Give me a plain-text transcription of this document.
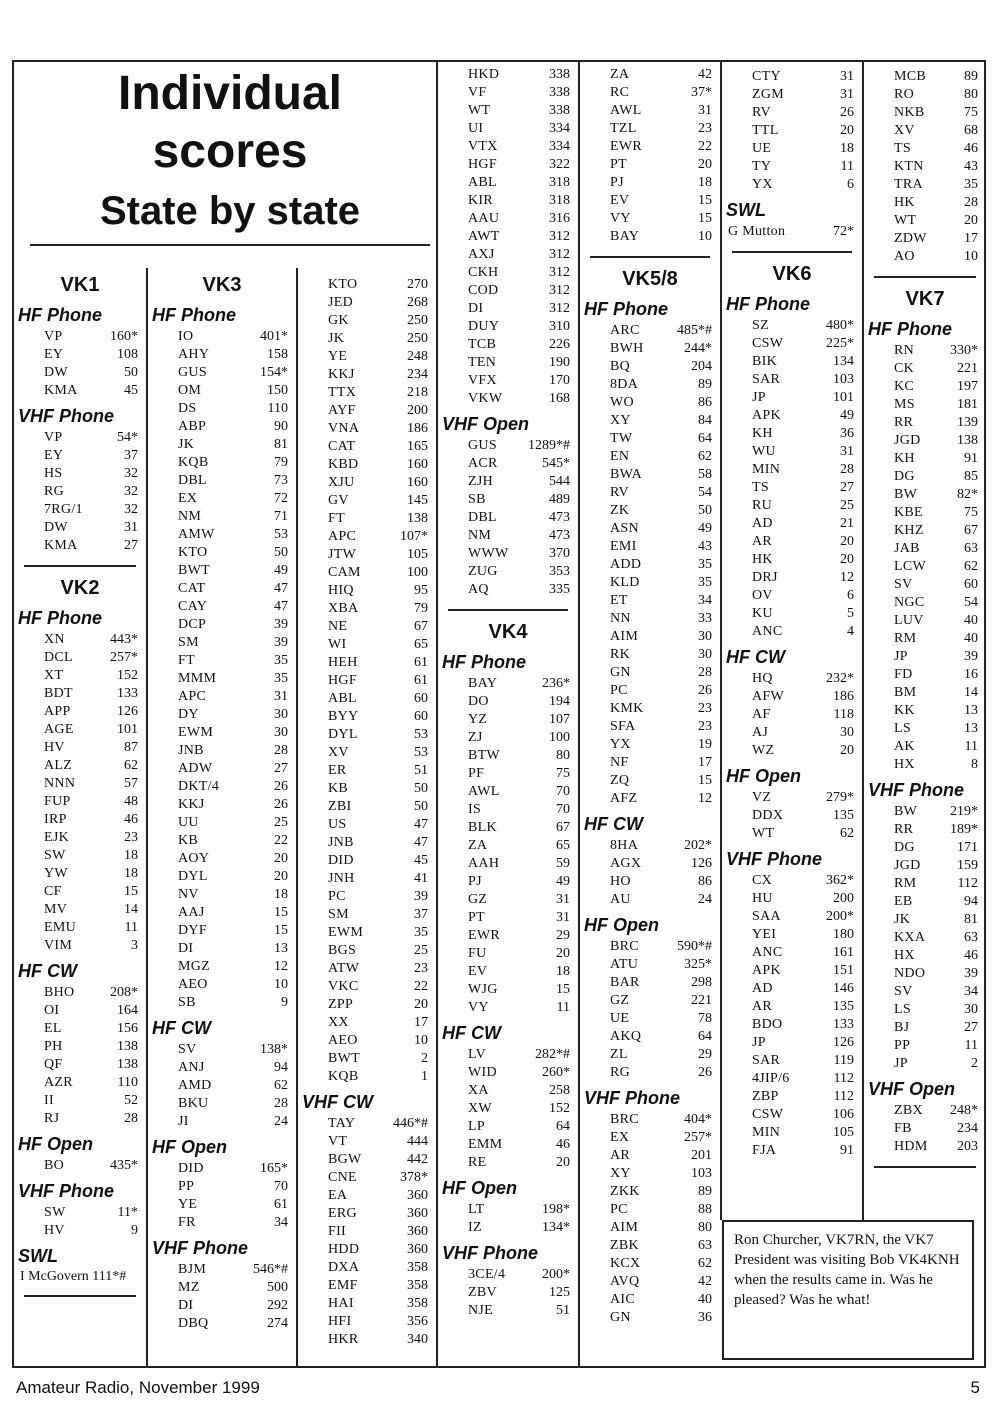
Individual
scores
State by state
VK1
HF Phone
VP	160*
EY	108
DW	50
KMA	45
VHF Phone
VP	54*
EY	37
HS	32
RG	32
7RG/1	32
DW	31
KMA	27
VK2
HF Phone
XN	443*
DCL	257*
XT	152
BDT	133
APP	126
AGE	101
HV	87
ALZ	62
NNN	57
FUP	48
IRP	46
EJK	23
SW	18
YW	18
CF	15
MV	14
EMU	11
VIM	3
HF CW
BHO	208*
OI	164
EL	156
PH	138
QF	138
AZR	110
II	52
RJ	28
HF Open
BO	435*
VHF Phone
SW	11*
HV	9
SWL
I McGovern 111*#
VK3
HF Phone
IO	401*
AHY	158
GUS	154*
OM	150
DS	110
ABP	90
JK	81
KQB	79
DBL	73
EX	72
NM	71
AMW	53
KTO	50
BWT	49
CAT	47
CAY	47
DCP	39
SM	39
FT	35
MMM	35
APC	31
DY	30
EWM	30
JNB	28
ADW	27
DKT/4	26
KKJ	26
UU	25
KB	22
AOY	20
DYL	20
NV	18
AAJ	15
DYF	15
DI	13
MGZ	12
AEO	10
SB	9
HF CW
SV	138*
ANJ	94
AMD	62
BKU	28
JI	24
HF Open
DID	165*
PP	70
YE	61
FR	34
VHF Phone
BJM	546*#
MZ	500
DI	292
DBQ	274
KTO	270
JED	268
GK	250
JK	250
YE	248
KKJ	234
TTX	218
AYF	200
VNA	186
CAT	165
KBD	160
XJU	160
GV	145
FT	138
APC	107*
JTW	105
CAM	100
HIQ	95
XBA	79
NE	67
WI	65
HEH	61
HGF	61
ABL	60
BYY	60
DYL	53
XV	53
ER	51
KB	50
ZBI	50
US	47
JNB	47
DID	45
JNH	41
PC	39
SM	37
EWM	35
BGS	25
ATW	23
VKC	22
ZPP	20
XX	17
AEO	10
BWT	2
KQB	1
VHF CW
TAY	446*#
VT	444
BGW	442
CNE	378*
EA	360
ERG	360
FII	360
HDD	360
DXA	358
EMF	358
HAI	358
HFI	356
HKR	340
HKD	338
VF	338
WT	338
UI	334
VTX	334
HGF	322
ABL	318
KIR	318
AAU	316
AWT	312
AXJ	312
CKH	312
COD	312
DI	312
DUY	310
TCB	226
TEN	190
VFX	170
VKW	168
VHF Open
GUS 1289*#
ACR	545*
ZJH	544
SB	489
DBL	473
NM	473
WWW	370
ZUG	353
AQ	335
VK4
HF Phone
BAY	236*
DO	194
YZ	107
ZJ	100
BTW	80
PF	75
AWL	70
IS	70
BLK	67
ZA	65
AAH	59
PJ	49
GZ	31
PT	31
EWR	29
FU	20
EV	18
WJG	15
VY	11
HF CW
LV	282*#
WID	260*
XA	258
XW	152
LP	64
EMM	46
RE	20
HF Open
LT	198*
IZ	134*
VHF Phone
3CE/4	200*
ZBV	125
NJE	51
ZA	42
RC	37*
AWL	31
TZL	23
EWR	22
PT	20
PJ	18
EV	15
VY	15
BAY	10
VK5/8
HF Phone
ARC	485*#
BWH	244*
BQ	204
8DA	89
WO	86
XY	84
TW	64
EN	62
BWA	58
RV	54
ZK	50
ASN	49
EMI	43
ADD	35
KLD	35
ET	34
NN	33
AIM	30
RK	30
GN	28
PC	26
KMK	23
SFA	23
YX	19
NF	17
ZQ	15
AFZ	12
HF CW
8HA	202*
AGX	126
HO	86
AU	24
HF Open
BRC	590*#
ATU	325*
BAR	298
GZ	221
UE	78
AKQ	64
ZL	29
RG	26
VHF Phone
BRC	404*
EX	257*
AR	201
XY	103
ZKK	89
PC	88
AIM	80
ZBK	63
KCX	62
AVQ	42
AIC	40
GN	36
CTY	31
ZGM	31
RV	26
TTL	20
UE	18
TY	11
YX	6
SWL
G Mutton	72*
VK6
HF Phone
SZ	480*
CSW	225*
BIK	134
SAR	103
JP	101
APK	49
KH	36
WU	31
MIN	28
TS	27
RU	25
AD	21
AR	20
HK	20
DRJ	12
OV	6
KU	5
ANC	4
HF CW
HQ	232*
AFW	186
AF	118
AJ	30
WZ	20
HF Open
VZ	279*
DDX	135
WT	62
VHF Phone
CX	362*
HU	200
SAA	200*
YEI	180
ANC	161
APK	151
AD	146
AR	135
BDO	133
JP	126
SAR	119
4JIP/6	112
ZBP	112
CSW	106
MIN	105
FJA	91
MCB	89
RO	80
NKB	75
XV	68
TS	46
KTN	43
TRA	35
HK	28
WT	20
ZDW	17
AO	10
VK7
HF Phone
RN	330*
CK	221
KC	197
MS	181
RR	139
JGD	138
KH	91
DG	85
BW	82*
KBE	75
KHZ	67
JAB	63
LCW	62
SV	60
NGC	54
LUV	40
RM	40
JP	39
FD	16
BM	14
KK	13
LS	13
AK	11
HX	8
VHF Phone
BW 219*
RR	189*
DG	171
JGD	159
RM	112
EB	94
JK	81
KXA	63
HX	46
NDO	39
SV	34
LS	30
BJ	27
PP	11
JP	2
VHF Open
ZBX 248*
FB	234
HDM 203
Ron Churcher, VK7RN, the VK7 President was visiting Bob VK4KNH when the results came in. Was he pleased? Was he what!
Amateur Radio, November 1999	5
